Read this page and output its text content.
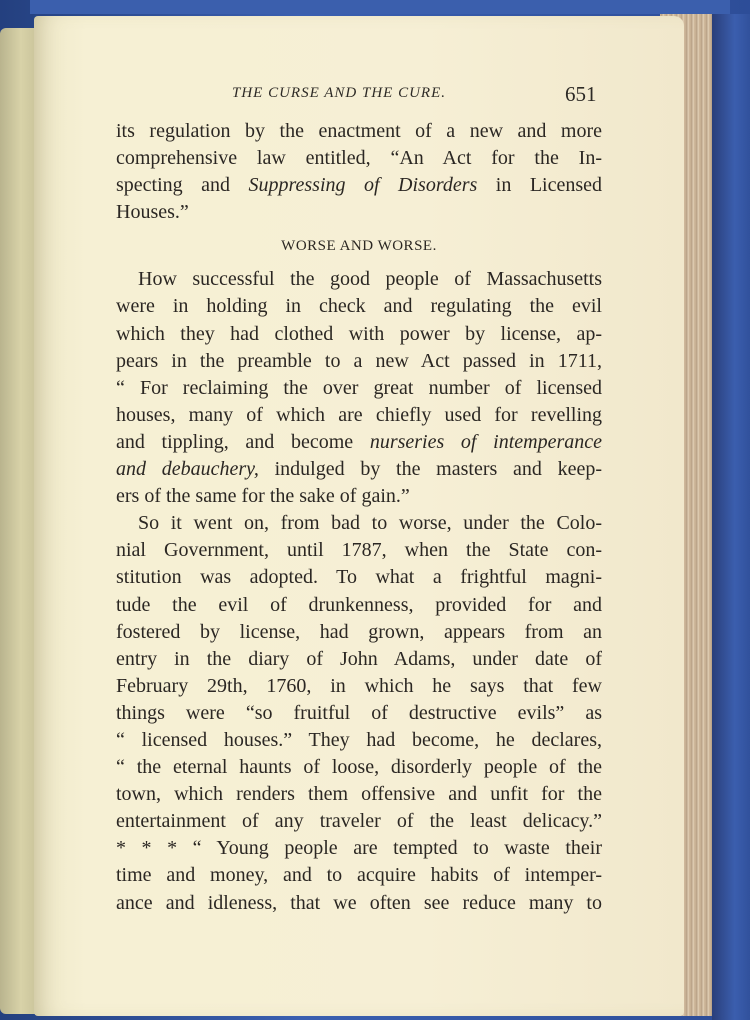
THE CURSE AND THE CURE.	651
its regulation by the enactment of a new and more
comprehensive law entitled, “An Act for the In-
specting and Suppressing of Disorders in Licensed
Houses.”
WORSE AND WORSE.
How successful the good people of Massachusetts
were in holding in check and regulating the evil
which they had clothed with power by license, ap-
pears in the preamble to a new Act passed in 1711,
“ For reclaiming the over great number of licensed
houses, many of which are chiefly used for revelling
and tippling, and become nurseries of intemperance
and debauchery, indulged by the masters and keep-
ers of the same for the sake of gain.”
So it went on, from bad to worse, under the Colo-
nial Government, until 1787, when the State con-
stitution was adopted. To what a frightful magni-
tude the evil of drunkenness, provided for and
fostered by license, had grown, appears from an
entry in the diary of John Adams, under date of
February 29th, 1760, in which he says that few
things were “so fruitful of destructive evils” as
“ licensed houses.” They had become, he declares,
“ the eternal haunts of loose, disorderly people of the
town, which renders them offensive and unfit for the
entertainment of any traveler of the least delicacy.”
* * * “ Young people are tempted to waste their
time and money, and to acquire habits of intemper-
ance and idleness, that we often see reduce many to
